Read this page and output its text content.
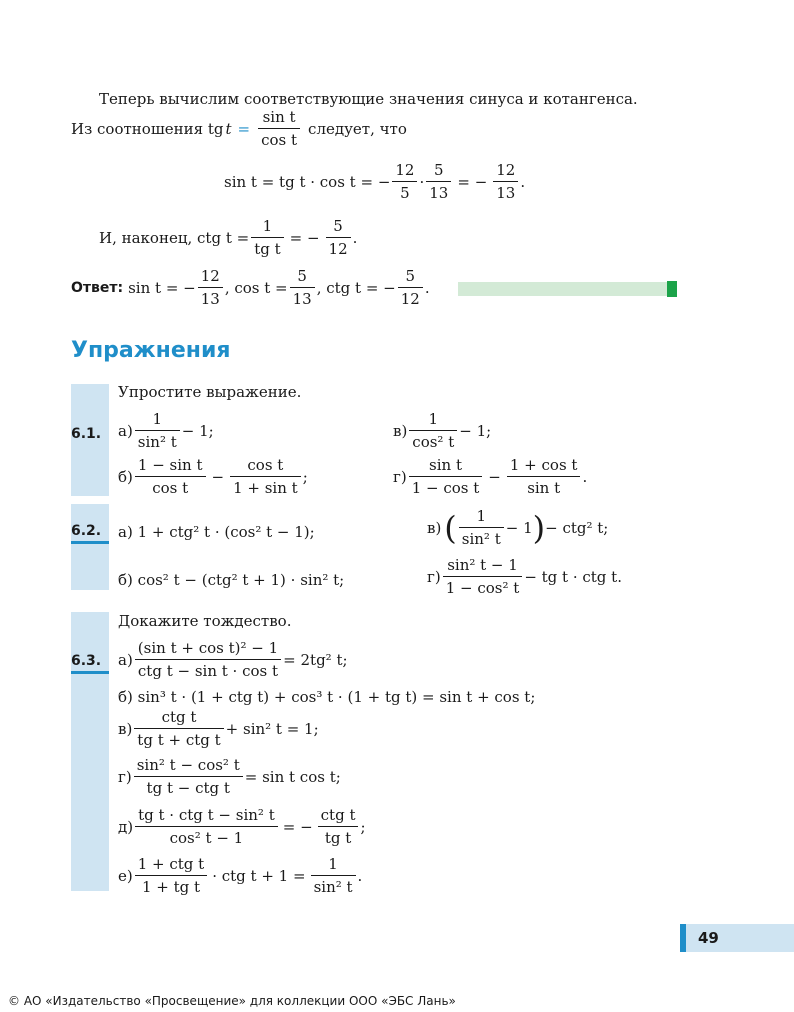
Теперь вычислим соответствующие значения синуса и котангенса.
Из соотношения tg $t = \frac{\text{sin t}}{\text{cos t}}$ следует, что
sin t = tg t · cos t = − $\frac{12}{5} \cdot \frac{5}{13}$ = − $\frac{12}{13}$ .
И, наконец, ctg $t = \frac{1}{\text{tg t}}$ = − $\frac{5}{12}$ .
Ответ: sin t = − $\frac{12}{13}$ , $\cos t = \frac{5}{13}$ , ctg t = − $\frac{5}{12}$ .
Упражнения
Упростите выражение.
6.1. $а) \frac{1}{\text{sin² t}} - 1$;	$в) \frac{1}{\text{cos² t}} - 1$;
$б) \frac{\text{1 − sin t}}{\text{cos t}} - \frac{\text{cos t}}{\text{1 + sin t}}$ ;	$г) \frac{\text{sin t}}{\text{1 − cos t}} - \frac{\text{1 + cos t}}{\text{sin t}}$ .
6.2. а) 1 + ctg² t · (cos² t − 1);	в) ( $\frac{1}{\text{sin² t}} - 1$ ) − ctg² t;
б) cos² t − (ctg² t + 1) · sin² t;	$г) \frac{\text{sin² t − 1}}{\text{1 − cos² t}}$ − tg t · ctg t.
Докажите тождество.
6.3. $а) \frac{\text{(sin t + cos t)² − 1}}{\text{ctg t − sin t · cos t}} = 2tg^2$ t;
б) sin³ t · (1 + ctg t) + cos³ t · (1 + tg t) = sin t + cos t;
$в) \frac{\text{ctg t}}{\text{tg t + ctg t}} + \sin^2$ t = 1;
$г) \frac{\text{sin² t − cos² t}}{\text{tg t − ctg t}} = \sin t$ cos t;
$д) \frac{\text{tg t · ctg t − sin² t}}{\text{cos² t − 1}}$ = − $\frac{\text{ctg t}}{\text{tg t}}$ ;
$е) \frac{\text{1 + ctg t}}{\text{1 + tg t}}$ · ctg $t + 1 = \frac{1}{\text{sin² t}}$ .
49
© АО «Издательство «Просвещение» для коллекции ООО «ЭБС Лань»
